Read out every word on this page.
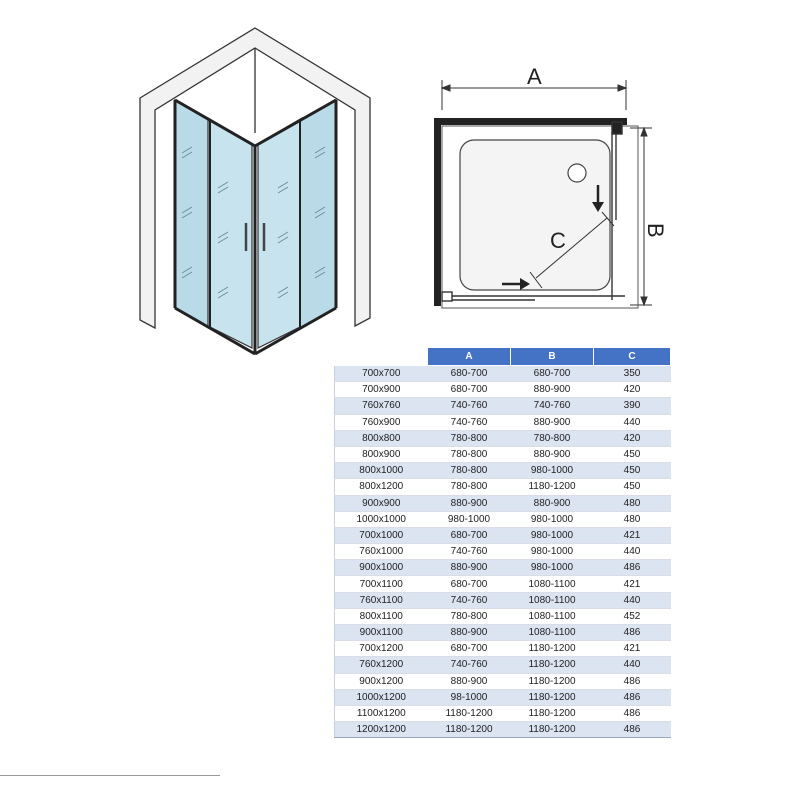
A
B
C
	A	B	C
700x700	680-700	680-700	350
700x900	680-700	880-900	420
760x760	740-760	740-760	390
760x900	740-760	880-900	440
800x800	780-800	780-800	420
800x900	780-800	880-900	450
800x1000	780-800	980-1000	450
800x1200	780-800	1180-1200	450
900x900	880-900	880-900	480
1000x1000	980-1000	980-1000	480
700x1000	680-700	980-1000	421
760x1000	740-760	980-1000	440
900x1000	880-900	980-1000	486
700x1100	680-700	1080-1100	421
760x1100	740-760	1080-1100	440
800x1100	780-800	1080-1100	452
900x1100	880-900	1080-1100	486
700x1200	680-700	1180-1200	421
760x1200	740-760	1180-1200	440
900x1200	880-900	1180-1200	486
1000x1200	98-1000	1180-1200	486
1100x1200	1180-1200	1180-1200	486
1200x1200	1180-1200	1180-1200	486
